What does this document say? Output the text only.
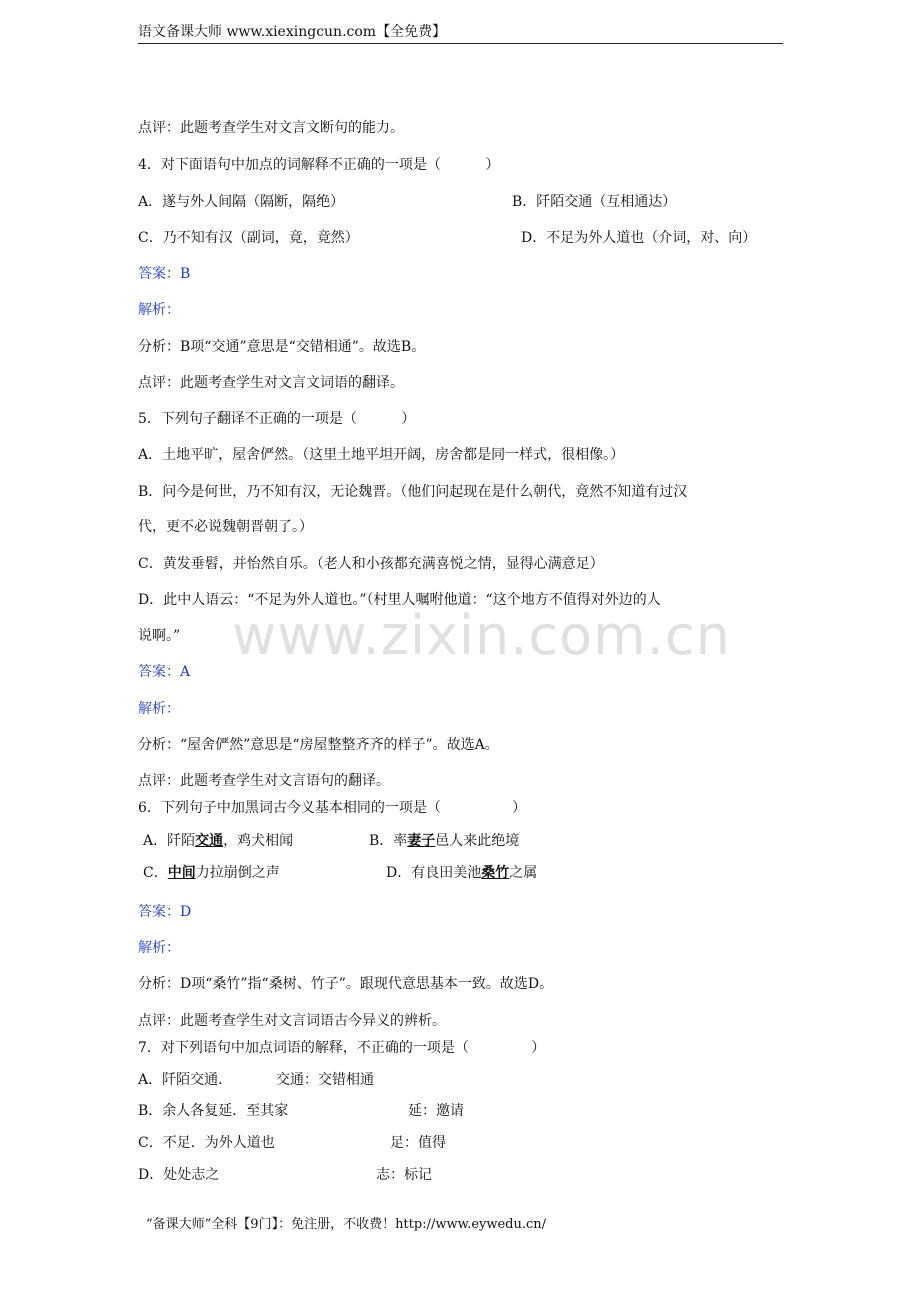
语文备课大师 www.xiexingcun.com【全免费】
www.zixin.com.cn
点评：此题考查学生对文言文断句的能力。
4．对下面语句中加点的词解释不正确的一项是（          ）
A．遂与外人间隔（隔断，隔绝）	B．阡陌交通（互相通达）
C．乃不知有汉（副词，竟，竟然）	D．不足为外人道也（介词，对、向）
答案：B
解析：
分析：B项“交通”意思是“交错相通”。故选B。
点评：此题考查学生对文言文词语的翻译。
5．下列句子翻译不正确的一项是（          ）
A．土地平旷，屋舍俨然。（这里土地平坦开阔，房舍都是同一样式，很相像。）
B．问今是何世，乃不知有汉，无论魏晋。（他们问起现在是什么朝代，竟然不知道有过汉
代，更不必说魏朝晋朝了。）
C．黄发垂髫，并怡然自乐。（老人和小孩都充满喜悦之情，显得心满意足）
D．此中人语云：“不足为外人道也。”（村里人嘱咐他道：“这个地方不值得对外边的人
说啊。”
答案：A
解析：
分析：“屋舍俨然”意思是“房屋整整齐齐的样子”。故选A。
点评：此题考查学生对文言语句的翻译。
6．下列句子中加黑词古今义基本相同的一项是（                ）
A．阡陌交通，鸡犬相闻	B．率妻子邑人来此绝境
C．中间力拉崩倒之声	D．有良田美池桑竹之属
答案：D
解析：
分析：D项“桑竹”指“桑树、竹子”。跟现代意思基本一致。故选D。
点评：此题考查学生对文言词语古今异义的辨析。
7．对下列语句中加点词语的解释，不正确的一项是（              ）
A．阡陌交通．	交通：交错相通
B．余人各复延．至其家	延：邀请
C．不足．为外人道也	足：值得
D．处处志之	志：标记
“备课大师”全科【9门】：免注册，不收费！http://www.eywedu.cn/
